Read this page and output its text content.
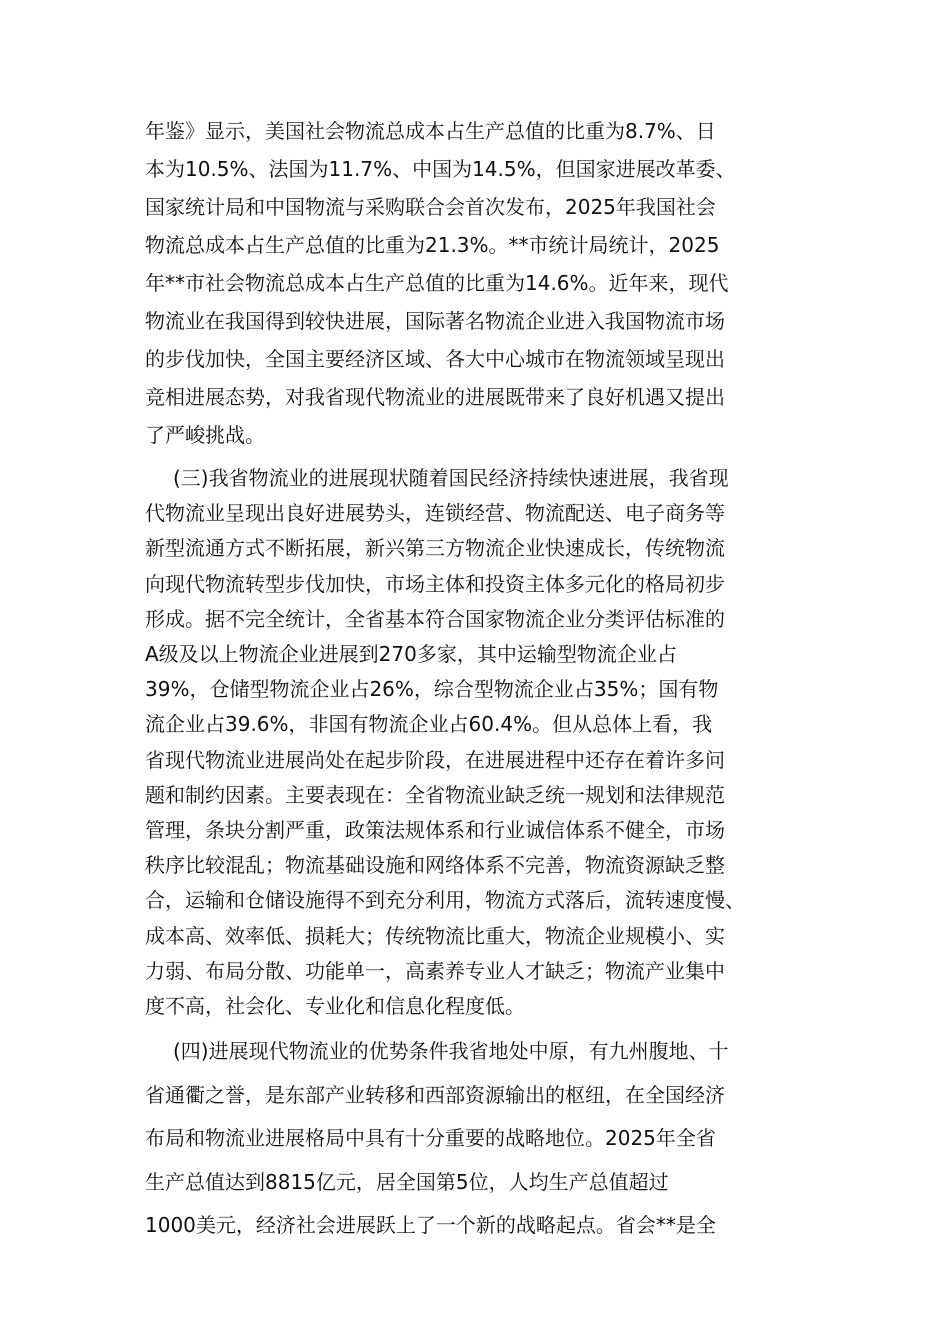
年鉴》显示，美国社会物流总成本占生产总值的比重为8.7%、日
本为10.5%、法国为11.7%、中国为14.5%，但国家进展改革委、
国家统计局和中国物流与采购联合会首次发布，2025年我国社会
物流总成本占生产总值的比重为21.3%。**市统计局统计，2025
年**市社会物流总成本占生产总值的比重为14.6%。近年来，现代
物流业在我国得到较快进展，国际著名物流企业进入我国物流市场
的步伐加快，全国主要经济区域、各大中心城市在物流领域呈现出
竞相进展态势，对我省现代物流业的进展既带来了良好机遇又提出
了严峻挑战。
(三)我省物流业的进展现状随着国民经济持续快速进展，我省现
代物流业呈现出良好进展势头，连锁经营、物流配送、电子商务等
新型流通方式不断拓展，新兴第三方物流企业快速成长，传统物流
向现代物流转型步伐加快，市场主体和投资主体多元化的格局初步
形成。据不完全统计，全省基本符合国家物流企业分类评估标准的
A级及以上物流企业进展到270多家，其中运输型物流企业占
39%，仓储型物流企业占26%，综合型物流企业占35%；国有物
流企业占39.6%，非国有物流企业占60.4%。但从总体上看，我
省现代物流业进展尚处在起步阶段，在进展进程中还存在着许多问
题和制约因素。主要表现在：全省物流业缺乏统一规划和法律规范
管理，条块分割严重，政策法规体系和行业诚信体系不健全，市场
秩序比较混乱；物流基础设施和网络体系不完善，物流资源缺乏整
合，运输和仓储设施得不到充分利用，物流方式落后，流转速度慢、
成本高、效率低、损耗大；传统物流比重大，物流企业规模小、实
力弱、布局分散、功能单一，高素养专业人才缺乏；物流产业集中
度不高，社会化、专业化和信息化程度低。
(四)进展现代物流业的优势条件我省地处中原，有九州腹地、十
省通衢之誉，是东部产业转移和西部资源输出的枢纽，在全国经济
布局和物流业进展格局中具有十分重要的战略地位。2025年全省
生产总值达到8815亿元，居全国第5位，人均生产总值超过
1000美元，经济社会进展跃上了一个新的战略起点。省会**是全
